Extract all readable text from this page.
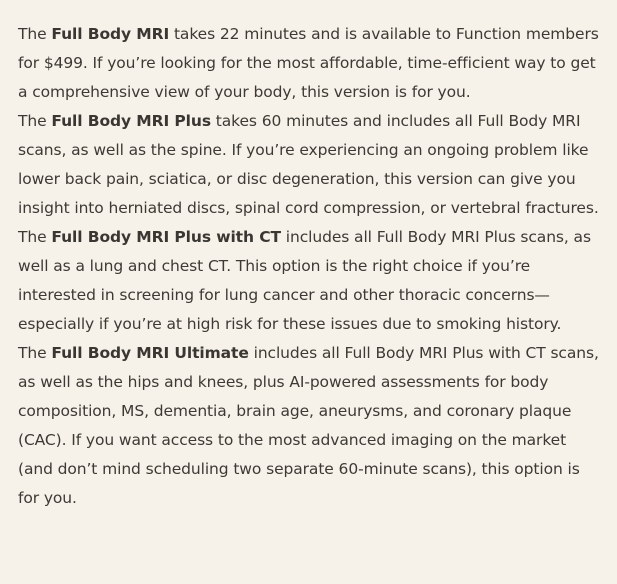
The Full Body MRI takes 22 minutes and is available to Function members for $499. If you’re looking for the most affordable, time-efficient way to get a comprehensive view of your body, this version is for you.

The Full Body MRI Plus takes 60 minutes and includes all Full Body MRI scans, as well as the spine. If you’re experiencing an ongoing problem like lower back pain, sciatica, or disc degeneration, this version can give you insight into herniated discs, spinal cord compression, or vertebral fractures.

The Full Body MRI Plus with CT includes all Full Body MRI Plus scans, as well as a lung and chest CT. This option is the right choice if you’re interested in screening for lung cancer and other thoracic concerns—especially if you’re at high risk for these issues due to smoking history.

The Full Body MRI Ultimate includes all Full Body MRI Plus with CT scans, as well as the hips and knees, plus AI-powered assessments for body composition, MS, dementia, brain age, aneurysms, and coronary plaque (CAC). If you want access to the most advanced imaging on the market (and don’t mind scheduling two separate 60-minute scans), this option is for you.
